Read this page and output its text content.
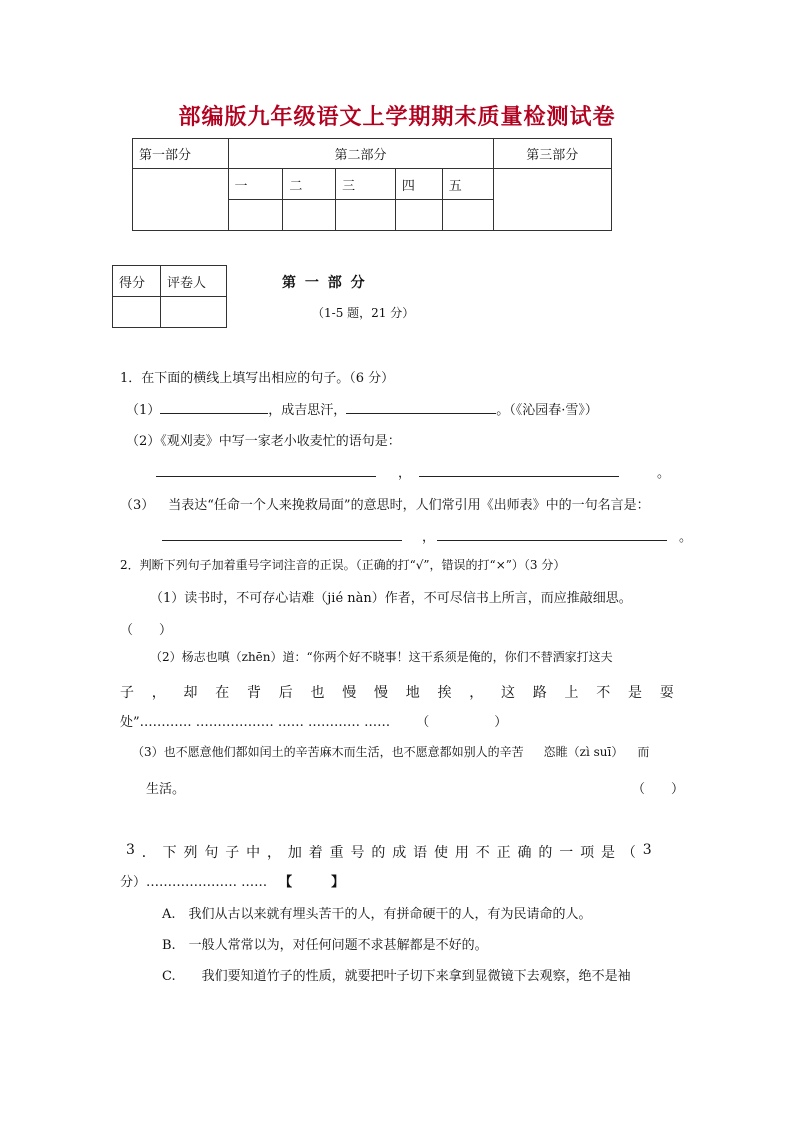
部编版九年级语文上学期期末质量检测试卷
第一部分	第二部分					第三部分
	一	二	三	四	五	

得分	评卷人
		第 一 部 分
（1-5 题，21 分）
1．在下面的横线上填写出相应的句子。（6 分）
（1）	，成吉思汗，	。（《沁园春·雪》）
（2）《观刈麦》中写一家老小收麦忙的语句是：
，	。
（3） 当表达“任命一个人来挽救局面”的意思时，人们常引用《出师表》中的一句名言是：
，	。
2．判断下列句子加着重号字词注音的正误。（正确的打“√”，错误的打“×”）（3 分）
（1）读书时，不可存心诘难（jié nàn）作者，不可尽信书上所言，而应推敲细思。
（　　）
（2）杨志也嗔（zhēn）道：“你两个好不晓事！这干系须是俺的，你们不替洒家打这夫
子 ， 却 在 背 后 也 慢 慢 地 挨 ， 这 路 上 不 是 耍
处”………… ……………… …… ………… …… （　　　　　）
（3）也不愿意他们都如闰土的辛苦麻木而生活，也不愿意都如别人的辛苦 恣睢（zì suī） 而
生活。	（　　）
3 ． 下 列 句 子 中 ， 加 着 重 号 的 成 语 使 用 不 正 确 的 一 项 是 （ 3
分）………………… …… 【　　　】
A.　我们从古以来就有埋头苦干的人，有拼命硬干的人，有为民请命的人。
B.　一般人常常以为，对任何问题不求甚解都是不好的。
C.　　我们要知道竹子的性质，就要把叶子切下来拿到显微镜下去观察，绝不是袖
